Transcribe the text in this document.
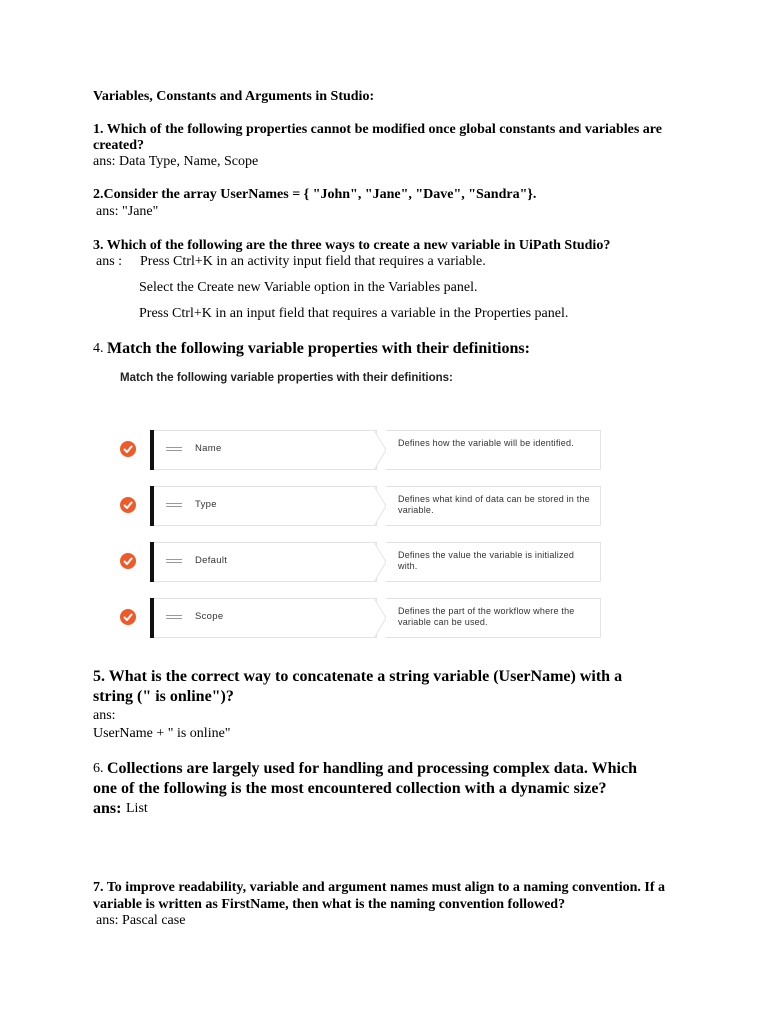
Variables, Constants and Arguments in Studio:
1. Which of the following properties cannot be modified once global constants and variables are
created?
ans: Data Type, Name, Scope
2.Consider the array UserNames = { "John", "Jane", "Dave", "Sandra"}.
ans: "Jane"
3. Which of the following are the three ways to create a new variable in UiPath Studio?
ans : Press Ctrl+K in an activity input field that requires a variable.
Select the Create new Variable option in the Variables panel.
Press Ctrl+K in an input field that requires a variable in the Properties panel.
4. Match the following variable properties with their definitions:
Match the following variable properties with their definitions:
Name	Defines how the variable will be identified.
Type	Defines what kind of data can be stored in the variable.
Default	Defines the value the variable is initialized with.
Scope	Defines the part of the workflow where the variable can be used.
5. What is the correct way to concatenate a string variable (UserName) with a
string (" is online")?
ans:
UserName + " is online"
6. Collections are largely used for handling and processing complex data. Which
one of the following is the most encountered collection with a dynamic size?
ans: List
7. To improve readability, variable and argument names must align to a naming convention. If a
variable is written as FirstName, then what is the naming convention followed?
ans: Pascal case
